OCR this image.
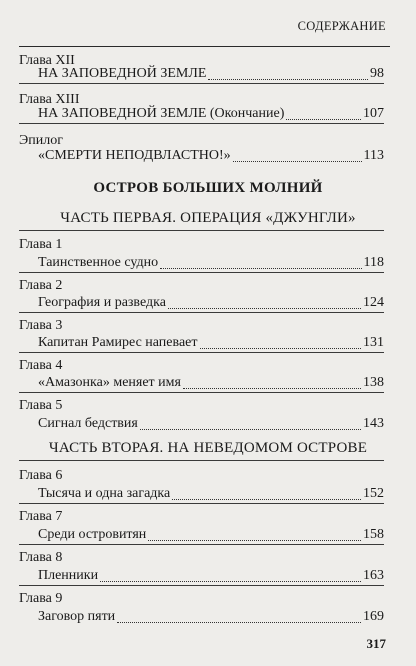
СОДЕРЖАНИЕ
Глава XII
НА ЗАПОВЕДНОЙ ЗЕМЛЕ	98
Глава XIII
НА ЗАПОВЕДНОЙ ЗЕМЛЕ (Окончание)	107
Эпилог
«СМЕРТИ НЕПОДВЛАСТНО!»	113
ОСТРОВ БОЛЬШИХ МОЛНИЙ
ЧАСТЬ ПЕРВАЯ. ОПЕРАЦИЯ «ДЖУНГЛИ»
Глава 1
Таинственное судно	118
Глава 2
География и разведка	124
Глава 3
Капитан Рамирес напевает	131
Глава 4
«Амазонка» меняет имя	138
Глава 5
Сигнал бедствия	143
ЧАСТЬ ВТОРАЯ. НА НЕВЕДОМОМ ОСТРОВЕ
Глава 6
Тысяча и одна загадка	152
Глава 7
Среди островитян	158
Глава 8
Пленники	163
Глава 9
Заговор пяти	169
317
